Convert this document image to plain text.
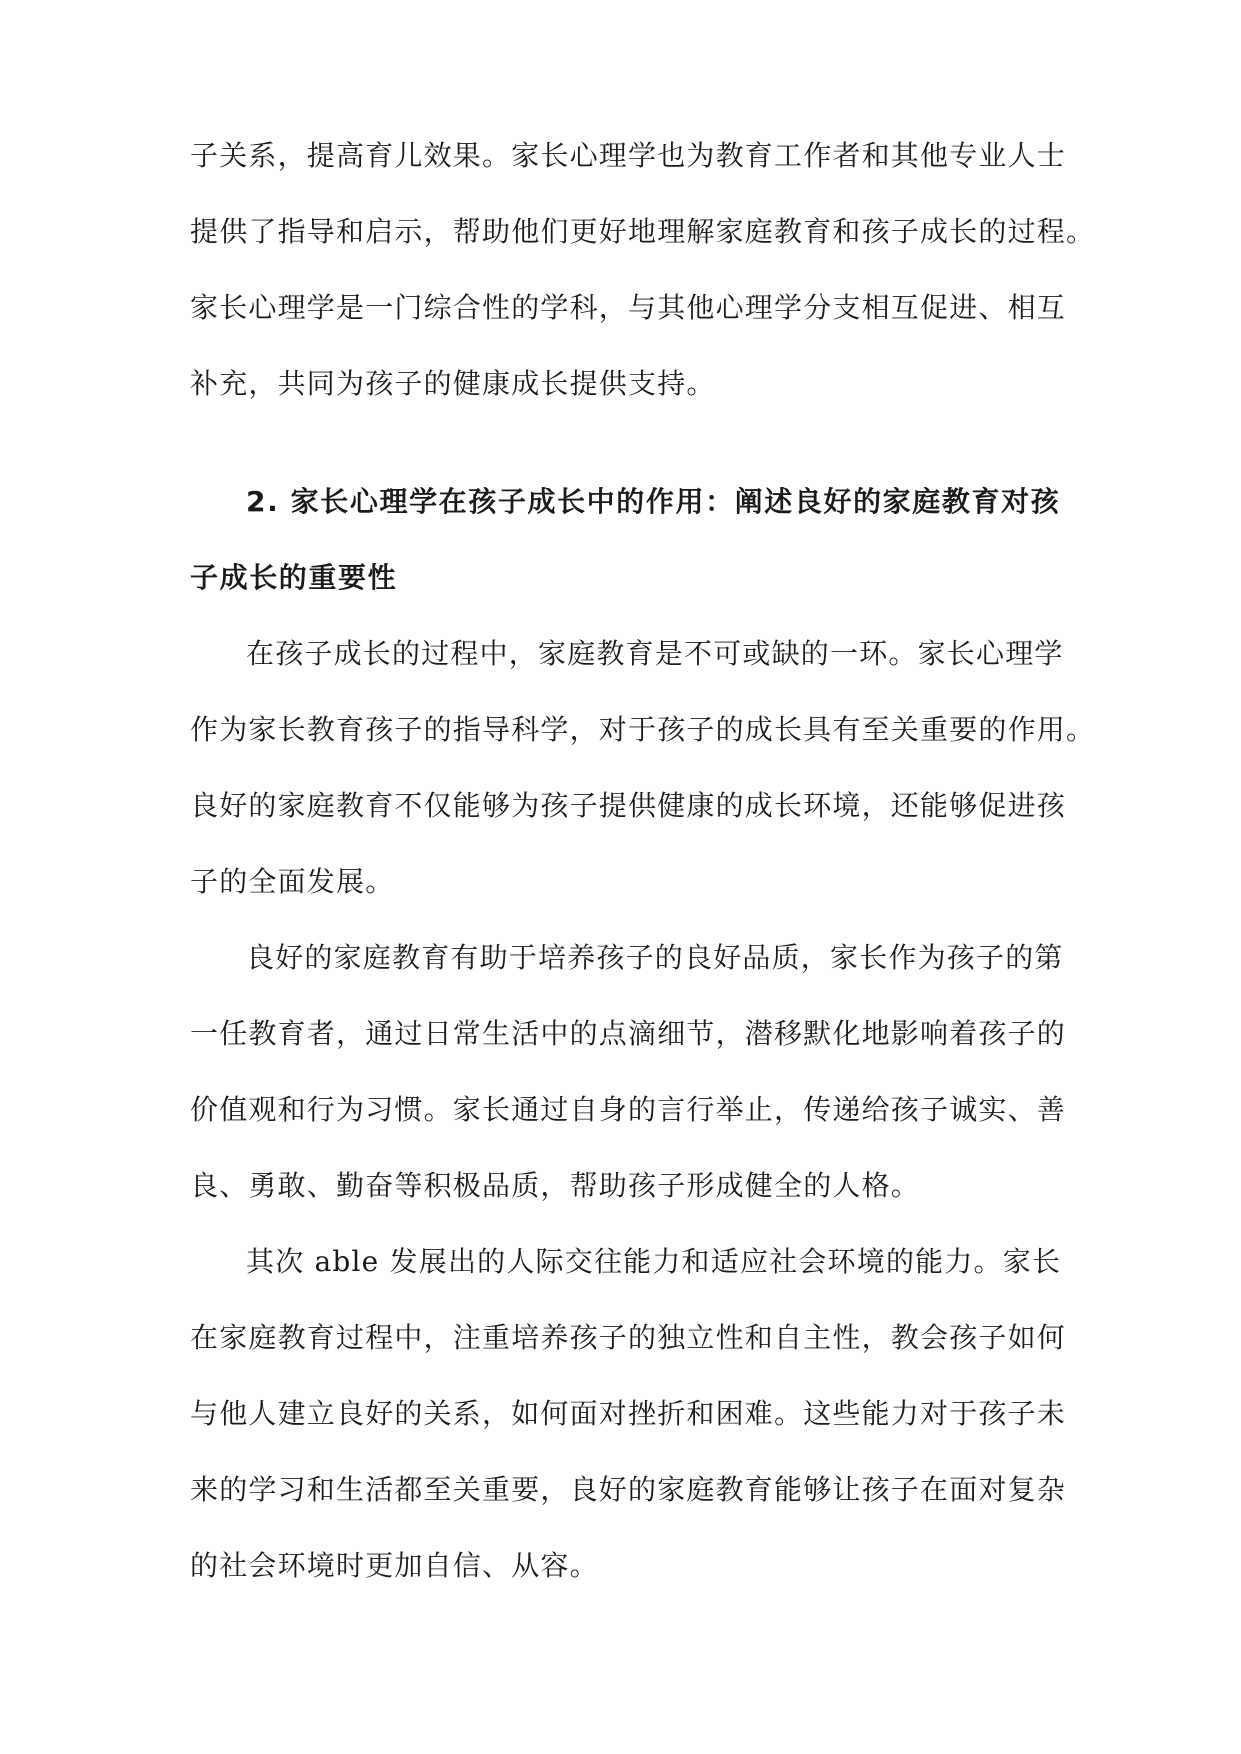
子关系，提高育儿效果。家长心理学也为教育工作者和其他专业人士

提供了指导和启示，帮助他们更好地理解家庭教育和孩子成长的过程。

家长心理学是一门综合性的学科，与其他心理学分支相互促进、相互

补充，共同为孩子的健康成长提供支持。

2. 家长心理学在孩子成长中的作用：阐述良好的家庭教育对孩

子成长的重要性

在孩子成长的过程中，家庭教育是不可或缺的一环。家长心理学

作为家长教育孩子的指导科学，对于孩子的成长具有至关重要的作用。

良好的家庭教育不仅能够为孩子提供健康的成长环境，还能够促进孩

子的全面发展。

良好的家庭教育有助于培养孩子的良好品质，家长作为孩子的第

一任教育者，通过日常生活中的点滴细节，潜移默化地影响着孩子的

价值观和行为习惯。家长通过自身的言行举止，传递给孩子诚实、善

良、勇敢、勤奋等积极品质，帮助孩子形成健全的人格。

其次 able 发展出的人际交往能力和适应社会环境的能力。家长

在家庭教育过程中，注重培养孩子的独立性和自主性，教会孩子如何

与他人建立良好的关系，如何面对挫折和困难。这些能力对于孩子未

来的学习和生活都至关重要，良好的家庭教育能够让孩子在面对复杂

的社会环境时更加自信、从容。
